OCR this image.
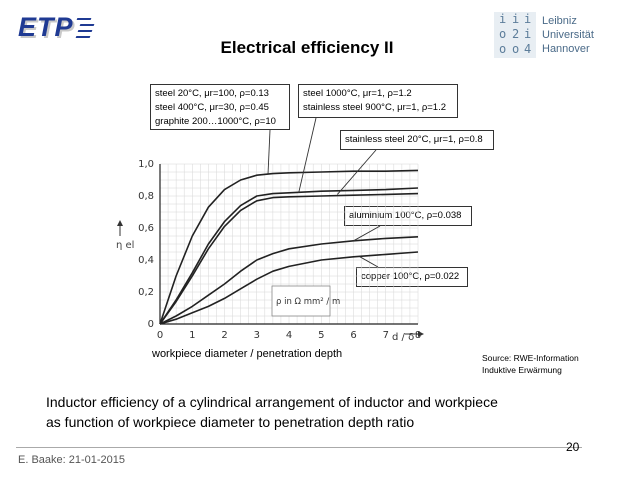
ETP
Electrical efficiency II
i i i
o 2 i
o o 4
Leibniz
Universität
Hannover
steel 20°C, μr=100, ρ=0.13
steel 400°C, μr=30, ρ=0.45
graphite 200…1000°C, ρ=10
steel 1000°C, μr=1, ρ=1.2
stainless steel 900°C, μr=1, ρ=1.2
stainless steel 20°C, μr=1, ρ=0.8
aluminium 100°C, ρ=0.038
copper 100°C, ρ=0.022
0	1	2	3	4	5	6	7	8
0
0,2
0,4
0,6
0,8
1,0
η el
ρ in Ω mm² / m
d / δ
workpiece diameter / penetration depth	Source: RWE-Information
Induktive Erwärmung
Inductor efficiency of a cylindrical arrangement of inductor and workpiece
as function of workpiece diameter to penetration depth ratio
E. Baake: 21-01-2015
20
